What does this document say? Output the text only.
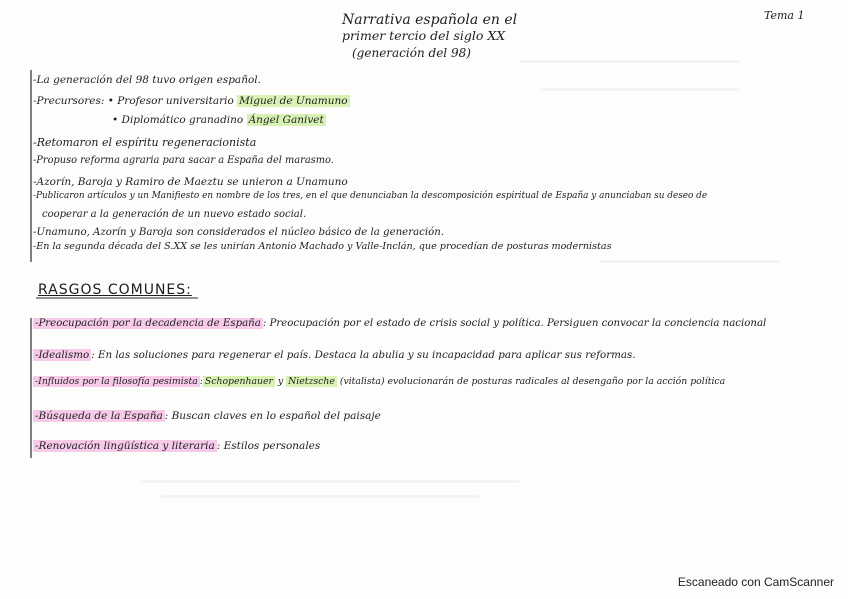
Tema 1
Narrativa española en el
primer tercio del siglo XX
(generación del 98)
-La generación del 98 tuvo origen español.
-Precursores: • Profesor universitario Miguel de Unamuno
• Diplomático granadino Ángel Ganivet
-Retomaron el espíritu regeneracionista
-Propuso reforma agraria para sacar a España del marasmo.
-Azorín, Baroja y Ramiro de Maeztu se unieron a Unamuno
-Publicaron artículos y un Manifiesto en nombre de los tres, en el que denunciaban la descomposición espiritual de España y anunciaban su deseo de
cooperar a la generación de un nuevo estado social.
-Unamuno, Azorín y Baroja son considerados el núcleo básico de la generación.
-En la segunda década del S.XX se les unirían Antonio Machado y Valle-Inclán, que procedían de posturas modernistas
RASGOS COMUNES:
-Preocupación por la decadencia de España : Preocupación por el estado de crisis social y política. Persiguen convocar la conciencia nacional
-Idealismo : En las soluciones para regenerar el país. Destaca la abulia y su incapacidad para aplicar sus reformas.
-Influidos por la filosofía pesimista : Schopenhauer y Nietzsche (vitalista) evolucionarán de posturas radicales al desengaño por la acción política
-Búsqueda de la España : Buscan claves en lo español del paisaje
-Renovación lingüística y literaria : Estilos personales
Escaneado con CamScanner
